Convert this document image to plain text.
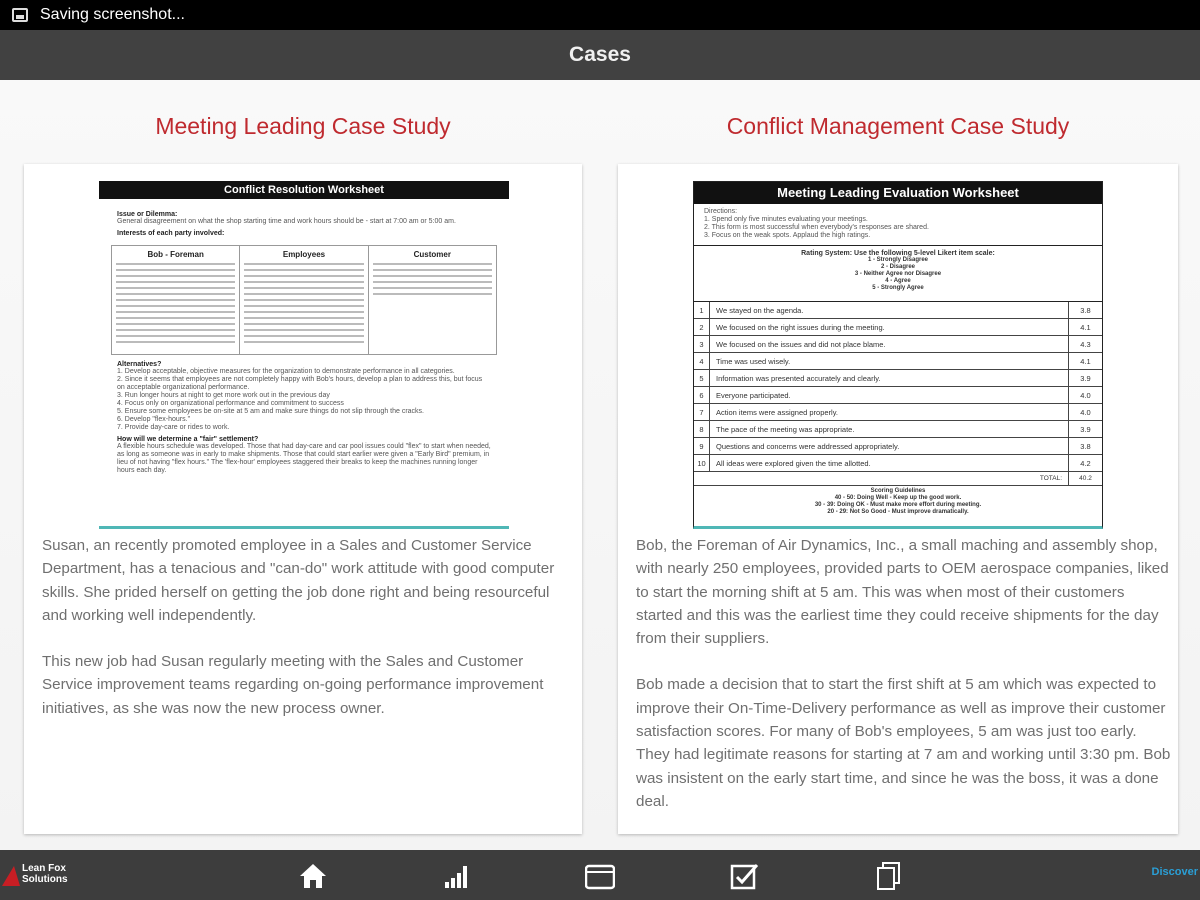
Saving screenshot...
Cases
Meeting Leading Case Study	Conflict Management Case Study
Conflict Resolution Worksheet
Issue or Dilemma:
General disagreement on what the shop starting time and work hours should be - start at 7:00 am or 5:00 am.
Interests of each party involved:
Bob - Foreman	Employees	Customer
Alternatives?
1. Develop acceptable, objective measures for the organization to demonstrate performance in all categories.
2. Since it seems that employees are not completely happy with Bob's hours, develop a plan to address this, but focus on acceptable organizational performance.
3. Run longer hours at night to get more work out in the previous day
4. Focus only on organizational performance and commitment to success
5. Ensure some employees be on-site at 5 am and make sure things do not slip through the cracks.
6. Develop "flex-hours."
7. Provide day-care or rides to work.
How will we determine a "fair" settlement?
A flexible hours schedule was developed. Those that had day-care and car pool issues could "flex" to start when needed, as long as someone was in early to make shipments. Those that could start earlier were given a "Early Bird" premium, in lieu of not having "flex hours." The 'flex-hour' employees staggered their breaks to keep the machines running longer hours each day.

Susan, an recently promoted employee in a Sales and Customer Service Department, has a tenacious and "can-do" work attitude with good computer skills. She prided herself on getting the job done right and being resourceful and working well independently.

This new job had Susan regularly meeting with the Sales and Customer Service improvement teams regarding on-going performance improvement initiatives, as she was now the new process owner.

Meeting Leading Evaluation Worksheet
Directions:
1. Spend only five minutes evaluating your meetings.
2. This form is most successful when everybody's responses are shared.
3. Focus on the weak spots. Applaud the high ratings.
Rating System: Use the following 5-level Likert item scale:
1 - Strongly Disagree
2 - Disagree
3 - Neither Agree nor Disagree
4 - Agree
5 - Strongly Agree
1	We stayed on the agenda.	3.8
2	We focused on the right issues during the meeting.	4.1
3	We focused on the issues and did not place blame.	4.3
4	Time was used wisely.	4.1
5	Information was presented accurately and clearly.	3.9
6	Everyone participated.	4.0
7	Action items were assigned properly.	4.0
8	The pace of the meeting was appropriate.	3.9
9	Questions and concerns were addressed appropriately.	3.8
10	All ideas were explored given the time allotted.	4.2
TOTAL:	40.2
Scoring Guidelines
40 - 50: Doing Well - Keep up the good work.
30 - 39: Doing OK - Must make more effort during meeting.
20 - 29: Not So Good - Must improve dramatically.

Bob, the Foreman of Air Dynamics, Inc., a small maching and assembly shop, with nearly 250 employees, provided parts to OEM aerospace companies, liked to start the morning shift at 5 am. This was when most of their customers started and this was the earliest time they could receive shipments for the day from their suppliers.

Bob made a decision that to start the first shift at 5 am which was expected to improve their On-Time-Delivery performance as well as improve their customer satisfaction scores. For many of Bob's employees, 5 am was just too early. They had legitimate reasons for starting at 7 am and working until 3:30 pm. Bob was insistent on the early start time, and since he was the boss, it was a done deal.

Lean Fox
Solutions
Discover
